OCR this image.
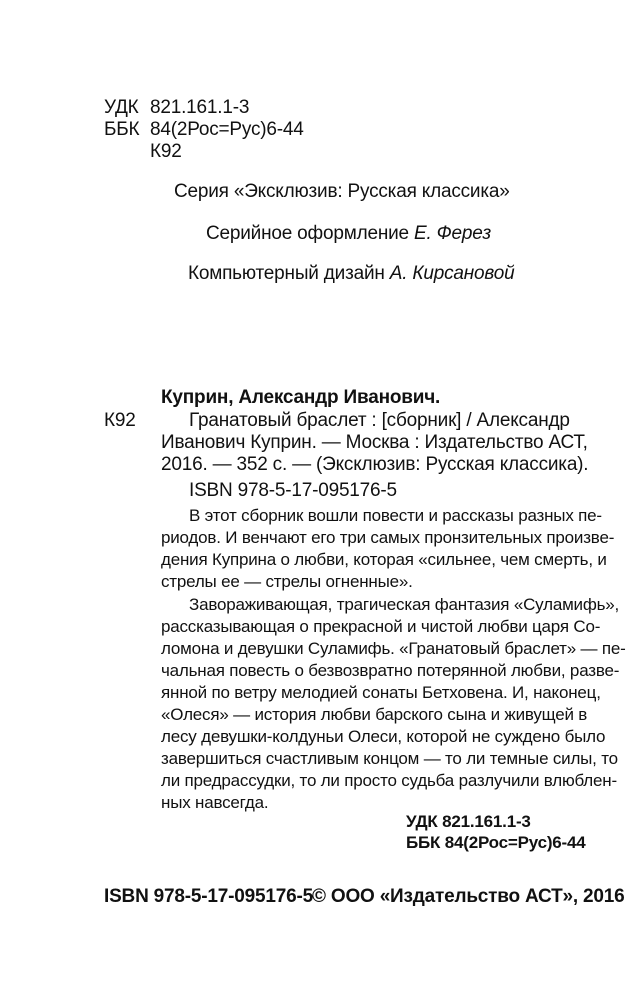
УДК 821.161.1-3
ББК 84(2Рос=Рус)6-44
К92
Серия «Эксклюзив: Русская классика»
Серийное оформление Е. Ферез
Компьютерный дизайн А. Кирсановой
Куприн, Александр Иванович.
К92	Гранатовый браслет : [сборник] / Александр
Иванович Куприн. — Москва : Издательство АСТ,
2016. — 352 с. — (Эксклюзив: Русская классика).
ISBN 978-5-17-095176-5
В этот сборник вошли повести и рассказы разных пе-
риодов. И венчают его три самых пронзительных произве-
дения Куприна о любви, которая «сильнее, чем смерть, и
стрелы ее — стрелы огненные».
Завораживающая, трагическая фантазия «Суламифь»,
рассказывающая о прекрасной и чистой любви царя Со-
ломона и девушки Суламифь. «Гранатовый браслет» — пе-
чальная повесть о безвозвратно потерянной любви, разве-
янной по ветру мелодией сонаты Бетховена. И, наконец,
«Олеся» — история любви барского сына и живущей в
лесу девушки-колдуньи Олеси, которой не суждено было
завершиться счастливым концом — то ли темные силы, то
ли предрассудки, то ли просто судьба разлучили влюблен-
ных навсегда.
УДК 821.161.1-3
ББК 84(2Рос=Рус)6-44
ISBN 978-5-17-095176-5 © ООО «Издательство АСТ», 2016
